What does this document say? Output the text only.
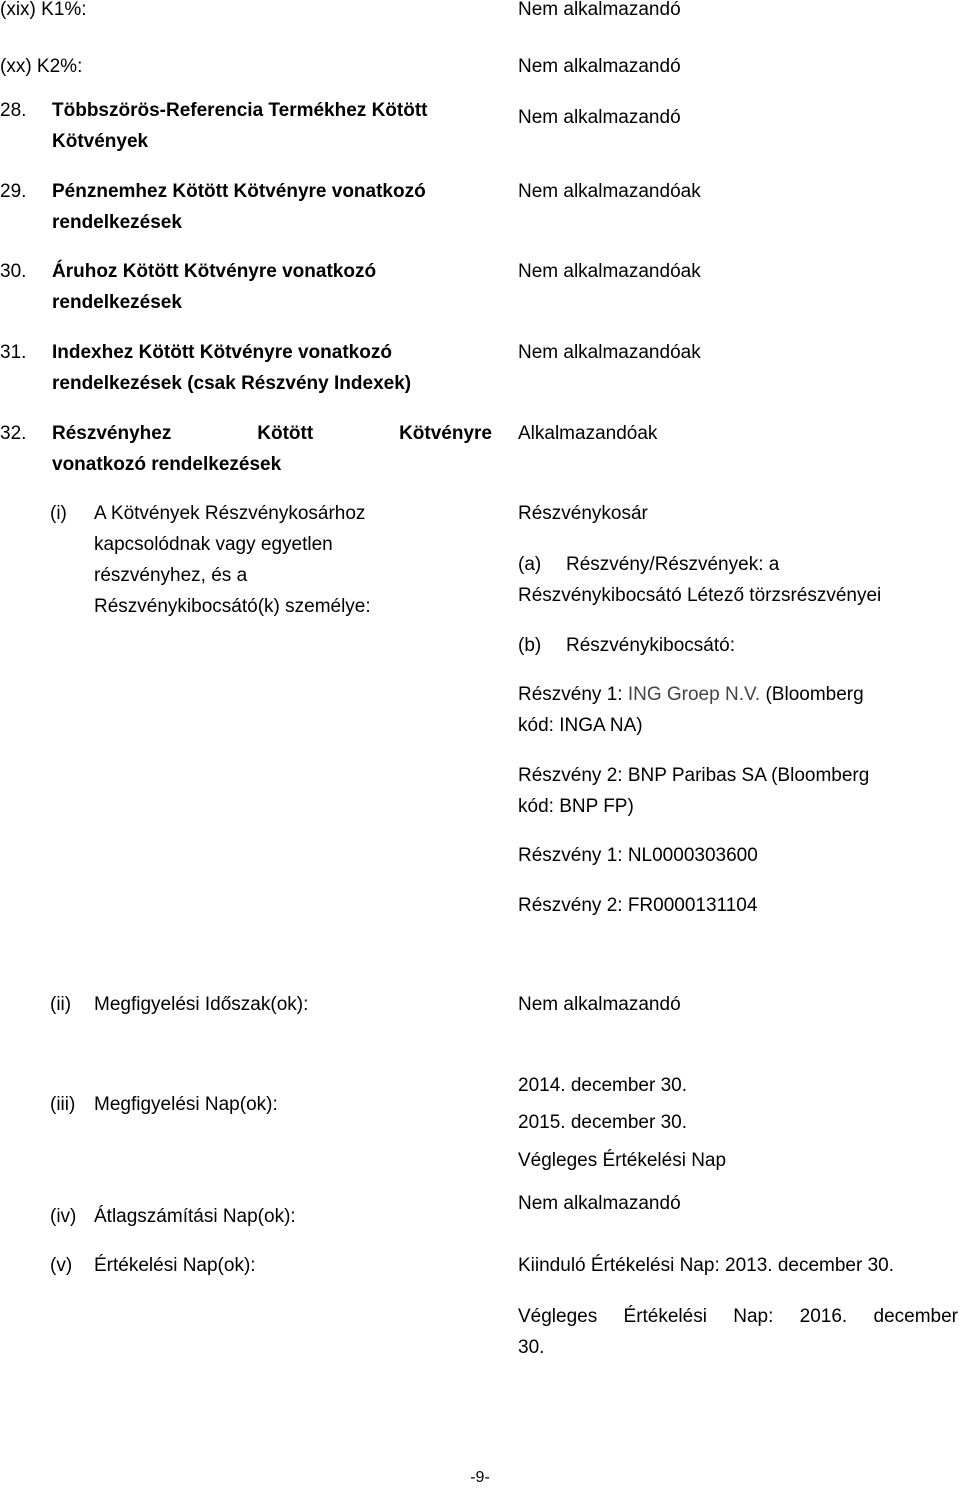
(xix) K1%:
(xx) K2%:
28. Többszörös-Referencia Termékhez Kötött
Kötvények
29. Pénznemhez Kötött Kötvényre vonatkozó
rendelkezések
30. Áruhoz Kötött Kötvényre vonatkozó
rendelkezések
31. Indexhez Kötött Kötvényre vonatkozó
rendelkezések (csak Részvény Indexek)
32. Részvényhez	Kötött	Kötvényre
vonatkozó rendelkezések
(i) A Kötvények Részvénykosárhoz
kapcsolódnak vagy egyetlen
részvényhez, és a
Részvénykibocsátó(k) személye:
(ii) Megfigyelési Időszak(ok):
(iii) Megfigyelési Nap(ok):
(iv) Átlagszámítási Nap(ok):
(v) Értékelési Nap(ok):
Nem alkalmazandó
Nem alkalmazandó
Nem alkalmazandó
Nem alkalmazandóak
Nem alkalmazandóak
Nem alkalmazandóak
Alkalmazandóak
Részvénykosár
(a) Részvény/Részvények: a
Részvénykibocsátó Létező törzsrészvényei
(b) Részvénykibocsátó:
Részvény 1: ING Groep N.V. (Bloomberg
kód: INGA NA)
Részvény 2: BNP Paribas SA (Bloomberg
kód: BNP FP)
Részvény 1: NL0000303600
Részvény 2: FR0000131104
Nem alkalmazandó
2014. december 30.
2015. december 30.
Végleges Értékelési Nap
Nem alkalmazandó
Kiinduló Értékelési Nap: 2013. december 30.
Végleges Értékelési Nap: 2016. december
30.
-9-
